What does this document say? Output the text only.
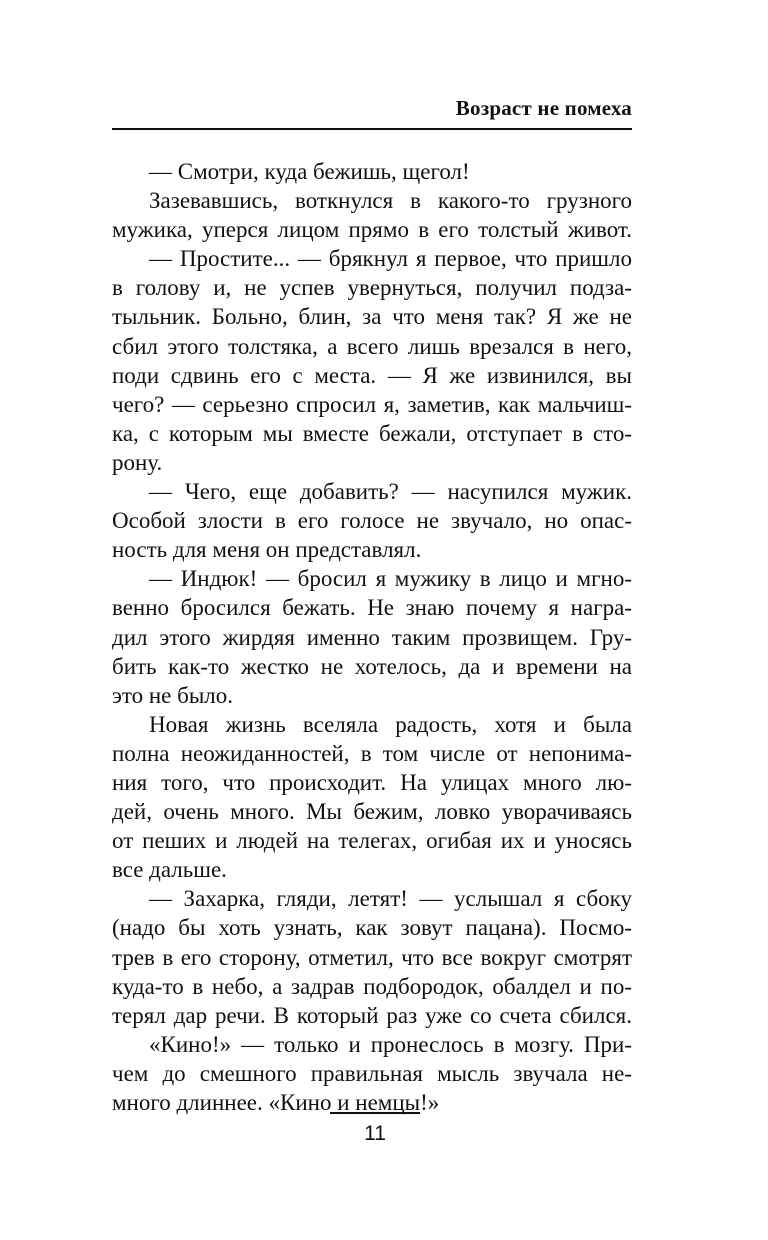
Возраст не помеха
— Смотри, куда бежишь, щегол!
Зазевавшись, воткнулся в какого-то грузного
мужика, уперся лицом прямо в его толстый живот.
— Простите... — брякнул я первое, что пришло
в голову и, не успев увернуться, получил подза-
тыльник. Больно, блин, за что меня так? Я же не
сбил этого толстяка, а всего лишь врезался в него,
поди сдвинь его с места. — Я же извинился, вы
чего? — серьезно спросил я, заметив, как мальчиш-
ка, с которым мы вместе бежали, отступает в сто-
рону.
— Чего, еще добавить? — насупился мужик.
Особой злости в его голосе не звучало, но опас-
ность для меня он представлял.
— Индюк! — бросил я мужику в лицо и мгно-
венно бросился бежать. Не знаю почему я награ-
дил этого жирдяя именно таким прозвищем. Гру-
бить как-то жестко не хотелось, да и времени на
это не было.
Новая жизнь вселяла радость, хотя и была
полна неожиданностей, в том числе от непонима-
ния того, что происходит. На улицах много лю-
дей, очень много. Мы бежим, ловко уворачиваясь
от пеших и людей на телегах, огибая их и уносясь
все дальше.
— Захарка, гляди, летят! — услышал я сбоку
(надо бы хоть узнать, как зовут пацана). Посмо-
трев в его сторону, отметил, что все вокруг смотрят
куда-то в небо, а задрав подбородок, обалдел и по-
терял дар речи. В который раз уже со счета сбился.
«Кино!» — только и пронеслось в мозгу. При-
чем до смешного правильная мысль звучала не-
много длиннее. «Кино и немцы!»
11
